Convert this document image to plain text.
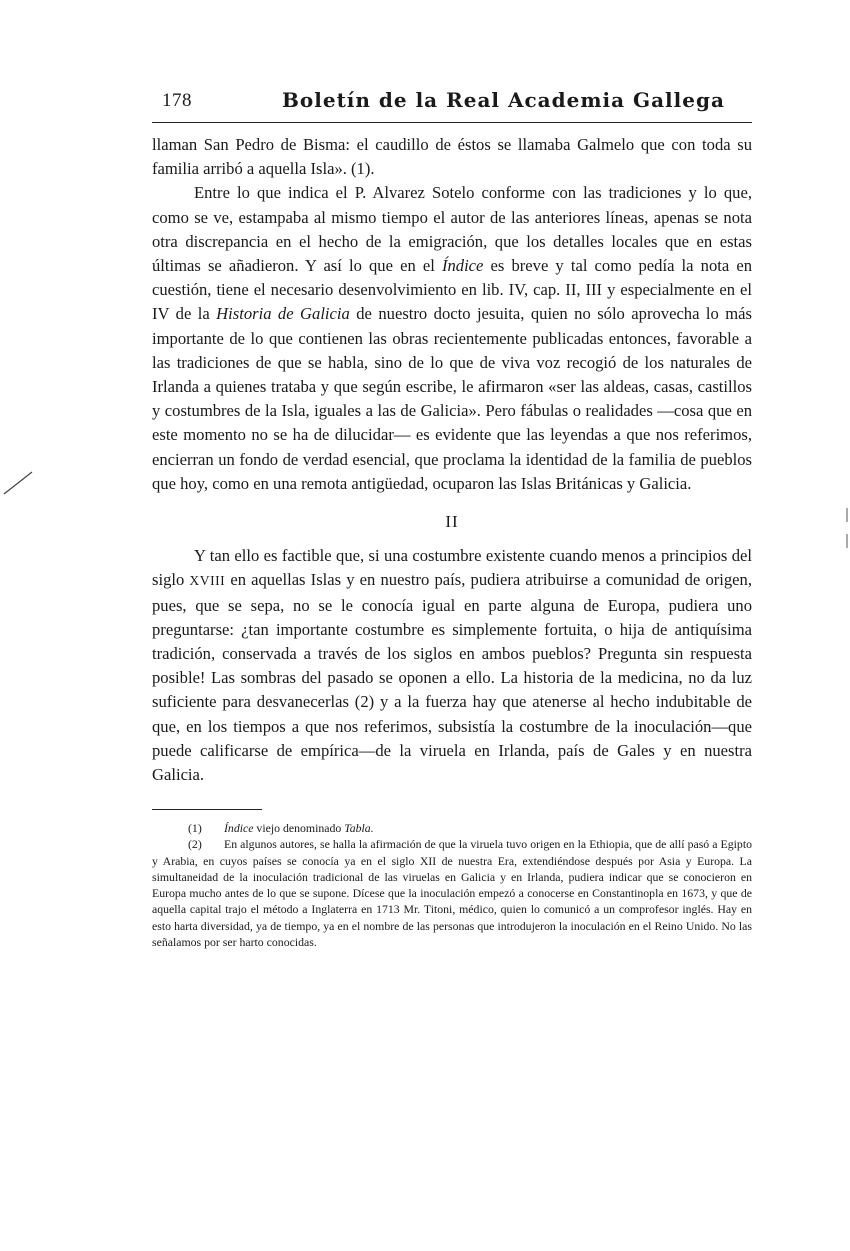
178	Boletín de la Real Academia Gallega

llaman San Pedro de Bisma: el caudillo de éstos se llamaba Galmelo que con toda su familia arribó a aquella Isla». (1).

Entre lo que indica el P. Alvarez Sotelo conforme con las tradiciones y lo que, como se ve, estampaba al mismo tiempo el autor de las anteriores líneas, apenas se nota otra discrepancia en el hecho de la emigración, que los detalles locales que en estas últimas se añadieron. Y así lo que en el Índice es breve y tal como pedía la nota en cuestión, tiene el necesario desenvolvimiento en lib. IV, cap. II, III y especialmente en el IV de la Historia de Galicia de nuestro docto jesuita, quien no sólo aprovecha lo más importante de lo que contienen las obras recientemente publicadas entonces, favorable a las tradiciones de que se habla, sino de lo que de viva voz recogió de los naturales de Irlanda a quienes trataba y que según escribe, le afirmaron «ser las aldeas, casas, castillos y costumbres de la Isla, iguales a las de Galicia». Pero fábulas o realidades —cosa que en este momento no se ha de dilucidar— es evidente que las leyendas a que nos referimos, encierran un fondo de verdad esencial, que proclama la identidad de la familia de pueblos que hoy, como en una remota antigüedad, ocuparon las Islas Británicas y Galicia.

II

Y tan ello es factible que, si una costumbre existente cuando menos a principios del siglo XVIII en aquellas Islas y en nuestro país, pudiera atribuirse a comunidad de origen, pues, que se sepa, no se le conocía igual en parte alguna de Europa, pudiera uno preguntarse: ¿tan importante costumbre es simplemente fortuita, o hija de antiquísima tradición, conservada a través de los siglos en ambos pueblos? Pregunta sin respuesta posible! Las sombras del pasado se oponen a ello. La historia de la medicina, no da luz suficiente para desvanecerlas (2) y a la fuerza hay que atenerse al hecho indubitable de que, en los tiempos a que nos referimos, subsistía la costumbre de la inoculación—que puede calificarse de empírica—de la viruela en Irlanda, país de Gales y en nuestra Galicia.

(1) Índice viejo denominado Tabla.

(2) En algunos autores, se halla la afirmación de que la viruela tuvo origen en la Ethiopia, que de allí pasó a Egipto y Arabia, en cuyos países se conocía ya en el siglo XII de nuestra Era, extendiéndose después por Asia y Europa. La simultaneidad de la inoculación tradicional de las viruelas en Galicia y en Irlanda, pudiera indicar que se conocieron en Europa mucho antes de lo que se supone. Dícese que la inoculación empezó a conocerse en Constantinopla en 1673, y que de aquella capital trajo el método a Inglaterra en 1713 Mr. Titoni, médico, quien lo comunicó a un comprofesor inglés. Hay en esto harta diversidad, ya de tiempo, ya en el nombre de las personas que introdujeron la inoculación en el Reino Unido. No las señalamos por ser harto conocidas.
